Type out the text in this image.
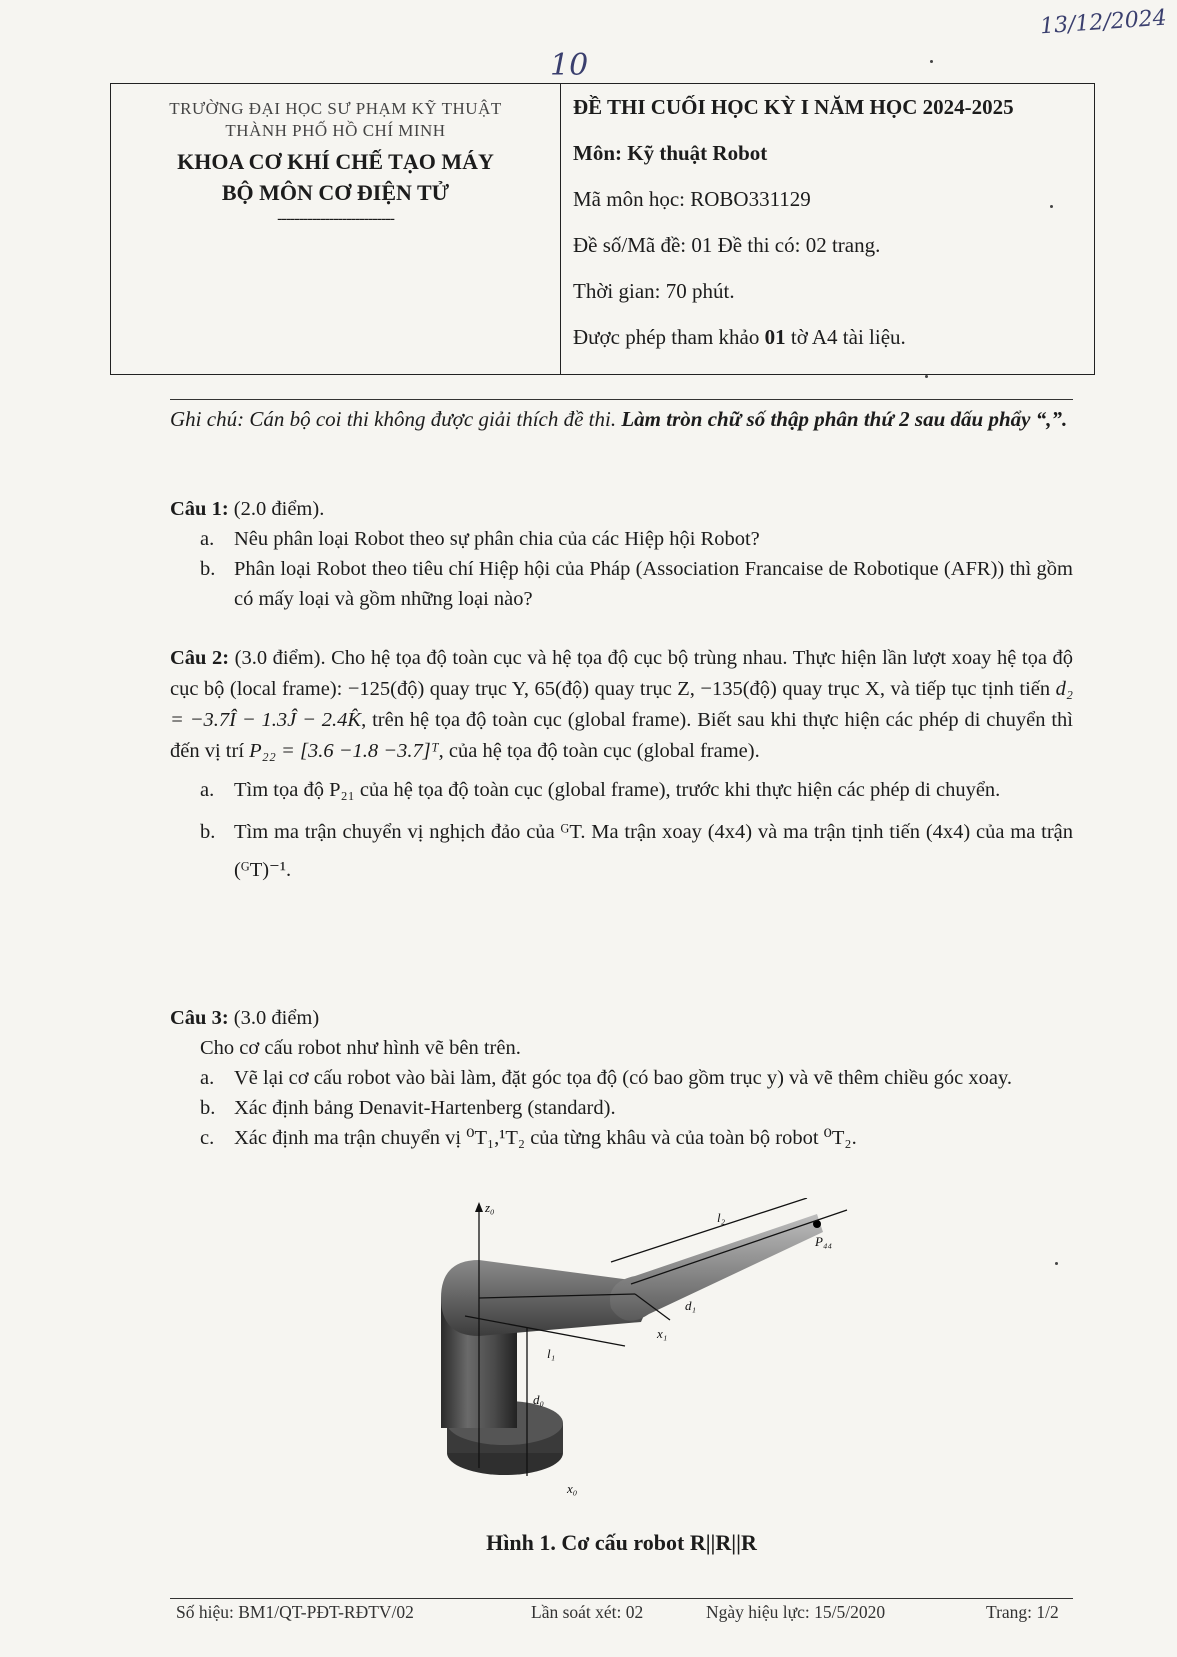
13/12/2024
10
TRƯỜNG ĐẠI HỌC SƯ PHẠM KỸ THUẬT
THÀNH PHỐ HỒ CHÍ MINH
KHOA CƠ KHÍ CHẾ TẠO MÁY
BỘ MÔN CƠ ĐIỆN TỬ
---------------------------
ĐỀ THI CUỐI HỌC KỲ I NĂM HỌC 2024-2025
Môn: Kỹ thuật Robot
Mã môn học: ROBO331129
Đề số/Mã đề: 01 Đề thi có: 02 trang.
Thời gian: 70 phút.
Được phép tham khảo 01 tờ A4 tài liệu.
Ghi chú: Cán bộ coi thi không được giải thích đề thi. Làm tròn chữ số thập phân thứ 2 sau dấu phẩy “,”.
Câu 1: (2.0 điểm).
a. Nêu phân loại Robot theo sự phân chia của các Hiệp hội Robot?
b. Phân loại Robot theo tiêu chí Hiệp hội của Pháp (Association Francaise de Robotique (AFR)) thì gồm có mấy loại và gồm những loại nào?
Câu 2: (3.0 điểm). Cho hệ tọa độ toàn cục và hệ tọa độ cục bộ trùng nhau. Thực hiện lần lượt xoay hệ tọa độ cục bộ (local frame): −125(độ) quay trục Y, 65(độ) quay trục Z, −135(độ) quay trục X, và tiếp tục tịnh tiến d₂ = −3.7Î − 1.3Ĵ − 2.4K̂, trên hệ tọa độ toàn cục (global frame). Biết sau khi thực hiện các phép di chuyển thì đến vị trí P₂₂ = [3.6 −1.8 −3.7]ᵀ, của hệ tọa độ toàn cục (global frame).
a. Tìm tọa độ P₂₁ của hệ tọa độ toàn cục (global frame), trước khi thực hiện các phép di chuyển.
b. Tìm ma trận chuyển vị nghịch đảo của ᴳT. Ma trận xoay (4x4) và ma trận tịnh tiến (4x4) của ma trận (ᴳT)⁻¹.
Câu 3: (3.0 điểm)
Cho cơ cấu robot như hình vẽ bên trên.
a. Vẽ lại cơ cấu robot vào bài làm, đặt góc tọa độ (có bao gồm trục y) và vẽ thêm chiều góc xoay.
b. Xác định bảng Denavit-Hartenberg (standard).
c. Xác định ma trận chuyển vị ⁰T₁,¹T₂ của từng khâu và của toàn bộ robot ⁰T₂.
z₀
x₀
x₁
l₁
l₂
d₀
d₁
P₄₄
Hình 1. Cơ cấu robot R||R||R
Số hiệu: BM1/QT-PĐT-RĐTV/02	Lần soát xét: 02	Ngày hiệu lực: 15/5/2020	Trang: 1/2
